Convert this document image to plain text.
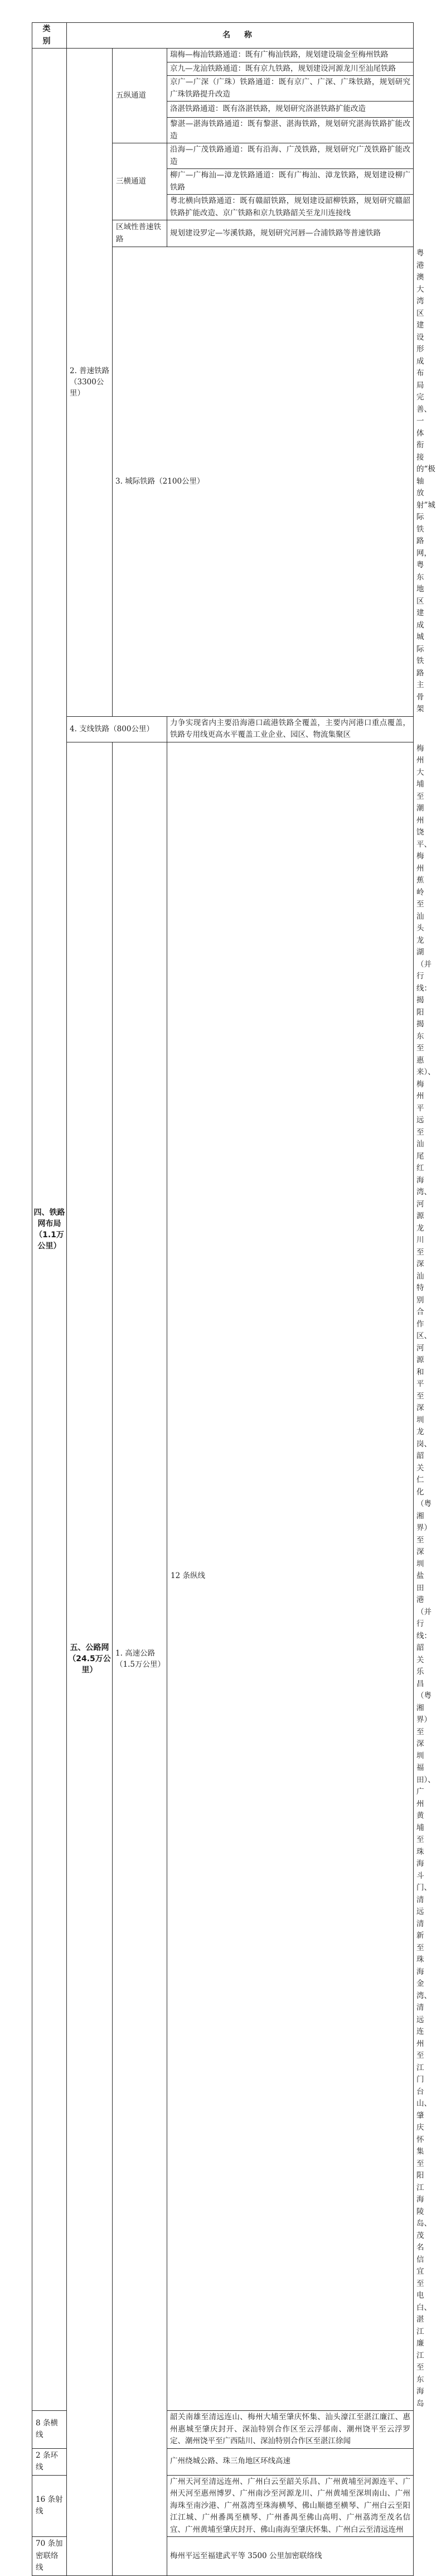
类 别	名 称			
四、铁路网布局（1.1万公里）	2. 普速铁路（3300公里）	五纵通道	瑞梅—梅汕铁路通道：既有广梅汕铁路，规划建设瑞金至梅州铁路	
			京九—龙汕铁路通道：既有京九铁路，规划建设河源龙川至汕尾铁路	
			京广—广深（广珠）铁路通道：既有京广、广深、广珠铁路，规划研究广珠铁路提升改造	
			洛湛铁路通道：既有洛湛铁路，规划研究洛湛铁路扩能改造	
			黎湛—湛海铁路通道：既有黎湛、湛海铁路，规划研究湛海铁路扩能改造	
		三横通道	沿海—广茂铁路通道：既有沿海、广茂铁路，规划研究广茂铁路扩能改造	
			柳广—广梅汕—漳龙铁路通道：既有广梅汕、漳龙铁路，规划建设柳广铁路	
			粤北横向铁路通道：既有赣韶铁路，规划建设韶柳铁路，规划研究赣韶铁路扩能改造、京广铁路和京九铁路韶关至龙川连接线	
		区域性普速铁路	规划建设罗定—岑溪铁路，规划研究河唇—合浦铁路等普速铁路	
		3. 城际铁路（2100公里）		粤港澳大湾区建设形成布局完善、一体衔接的“极轴放射”城际铁路网，粤东地区建成城际铁路主骨架
	4. 支线铁路（800公里）		力争实现省内主要沿海港口疏港铁路全覆盖，主要内河港口重点覆盖，铁路专用线更高水平覆盖工业企业、园区、物流集聚区	
	五、公路网（24.5万公里）	1. 高速公路（1.5万公里）	12 条纵线	梅州大埔至潮州饶平、梅州蕉岭至汕头龙湖（并行线：揭阳揭东至惠来）、梅州平远至汕尾红海湾、河源龙川至深汕特别合作区、河源和平至深圳龙岗、韶关仁化（粤湘界）至深圳盐田港（并行线：韶关乐昌（粤湘界）至深圳福田）、广州黄埔至珠海斗门、清远清新至珠海金湾、清远连州至江门台山、肇庆怀集至阳江海陵岛、茂名信宜至电白、湛江廉江至东海岛
8 条横线			韶关南雄至清远连山、梅州大埔至肇庆怀集、汕头濠江至湛江廉江、惠州惠城至肇庆封开、深汕特别合作区至云浮郁南、潮州饶平至云浮罗定、潮州饶平至广西陆川、深汕特别合作区至湛江徐闻	
2 条环线			广州绕城公路、珠三角地区环线高速	
16 条射线			广州天河至清远连州、广州白云至韶关乐昌、广州黄埔至河源连平、广州天河至惠州博罗、广州南沙至河源龙川、广州黄埔至深圳南山、广州海珠至南沙港、广州荔湾至珠海横琴、佛山顺德至横琴、广州白云至阳江江城、广州番禺至横琴、广州番禺至佛山高明、广州荔湾至茂名信宜、广州黄埔至肇庆封开、佛山南海至肇庆怀集、广州白云至清远连州	
70 条加密联络线			梅州平远至福建武平等 3500 公里加密联络线	
